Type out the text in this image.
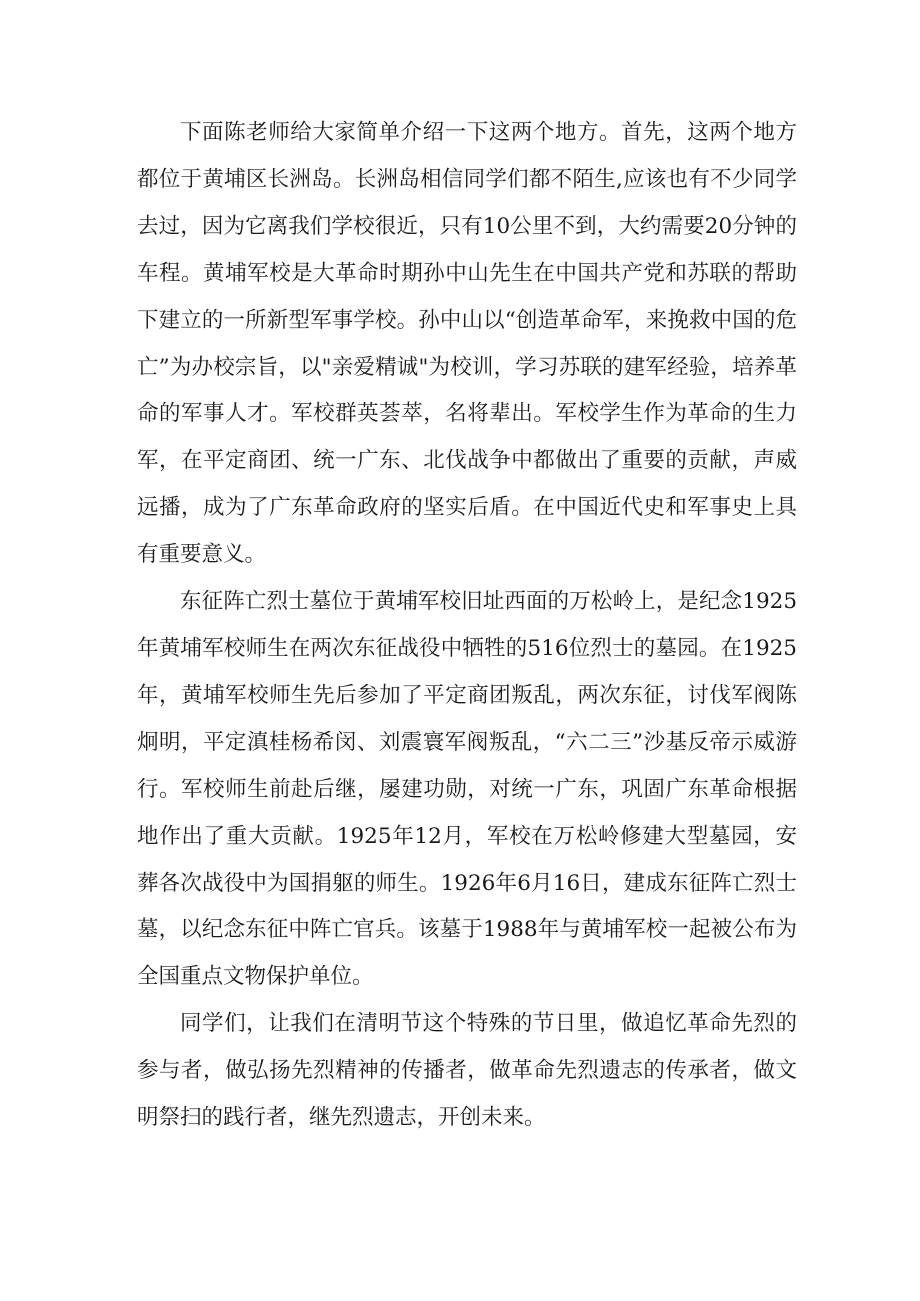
下面陈老师给大家简单介绍一下这两个地方。首先，这两个地方都位于黄埔区长洲岛。长洲岛相信同学们都不陌生,应该也有不少同学去过，因为它离我们学校很近，只有10公里不到，大约需要20分钟的车程。黄埔军校是大革命时期孙中山先生在中国共产党和苏联的帮助下建立的一所新型军事学校。孙中山以“创造革命军，来挽救中国的危亡”为办校宗旨，以"亲爱精诚"为校训，学习苏联的建军经验，培养革命的军事人才。军校群英荟萃，名将辈出。军校学生作为革命的生力军，在平定商团、统一广东、北伐战争中都做出了重要的贡献，声威远播，成为了广东革命政府的坚实后盾。在中国近代史和军事史上具有重要意义。

东征阵亡烈士墓位于黄埔军校旧址西面的万松岭上，是纪念1925年黄埔军校师生在两次东征战役中牺牲的516位烈士的墓园。在1925年，黄埔军校师生先后参加了平定商团叛乱，两次东征，讨伐军阀陈炯明，平定滇桂杨希闵、刘震寰军阀叛乱，“六二三”沙基反帝示威游行。军校师生前赴后继，屡建功勋，对统一广东，巩固广东革命根据地作出了重大贡献。1925年12月，军校在万松岭修建大型墓园，安葬各次战役中为国捐躯的师生。1926年6月16日，建成东征阵亡烈士墓，以纪念东征中阵亡官兵。该墓于1988年与黄埔军校一起被公布为全国重点文物保护单位。

同学们，让我们在清明节这个特殊的节日里，做追忆革命先烈的参与者，做弘扬先烈精神的传播者，做革命先烈遗志的传承者，做文明祭扫的践行者，继先烈遗志，开创未来。
